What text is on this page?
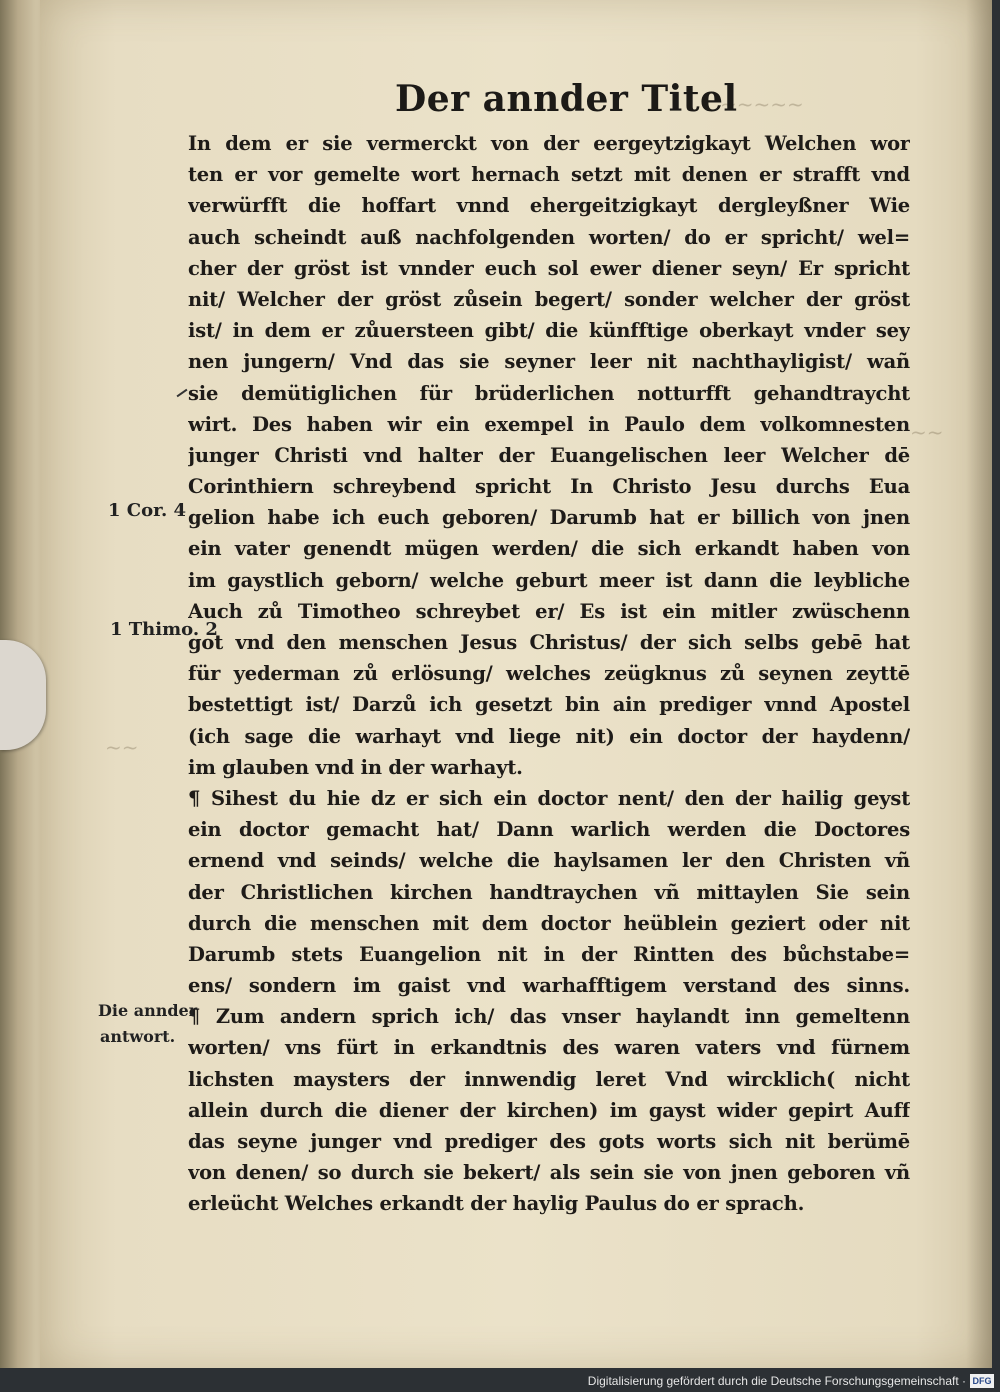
~~~~~
~~
~~
Der annder Titel
In dem er sie vermerckt von der eergeytzigkayt Welchen wor
ten er vor gemelte wort hernach setzt mit denen er strafft vnd
verwürfft die hoffart vnnd ehergeitzigkayt dergleyßner Wie
auch scheindt auß nachfolgenden worten/ do er spricht/ wel=
cher der gröst ist vnnder euch sol ewer diener seyn/ Er spricht
nit/ Welcher der gröst zůsein begert/ sonder welcher der gröst
ist/ in dem er zůuersteen gibt/ die künfftige oberkayt vnder sey
nen jungern/ Vnd das sie seyner leer nit nachthayligist/ wañ
sie demütiglichen für brüderlichen notturfft gehandtraycht
wirt. Des haben wir ein exempel in Paulo dem volkomnesten
junger Christi vnd halter der Euangelischen leer Welcher dē
Corinthiern schreybend spricht In Christo Jesu durchs Eua
gelion habe ich euch geboren/ Darumb hat er billich von jnen
ein vater genendt mügen werden/ die sich erkandt haben von
im gaystlich geborn/ welche geburt meer ist dann die leybliche
Auch zů Timotheo schreybet er/ Es ist ein mitler zwüschenn
got vnd den menschen Jesus Christus/ der sich selbs gebē hat
für yederman zů erlösung/ welches zeügknus zů seynen zeyttē
bestettigt ist/ Darzů ich gesetzt bin ain prediger vnnd Apostel
(ich sage die warhayt vnd liege nit) ein doctor der haydenn/
im glauben vnd in der warhayt.
¶ Sihest du hie dz er sich ein doctor nent/ den der hailig geyst
ein doctor gemacht hat/ Dann warlich werden die Doctores
ernend vnd seinds/ welche die haylsamen ler den Christen vñ
der Christlichen kirchen handtraychen vñ mittaylen Sie sein
durch die menschen mit dem doctor heüblein geziert oder nit
Darumb stets Euangelion nit in der Rintten des bůchstabe=
ens/ sondern im gaist vnd warhafftigem verstand des sinns.
¶ Zum andern sprich ich/ das vnser haylandt inn gemeltenn
worten/ vns fürt in erkandtnis des waren vaters vnd fürnem
lichsten maysters der innwendig leret Vnd wircklich( nicht
allein durch die diener der kirchen) im gayst wider gepirt Auff
das seyne junger vnd prediger des gots worts sich nit berümē
von denen/ so durch sie bekert/ als sein sie von jnen geboren vñ
erleücht Welches erkandt der haylig Paulus do er sprach.
1 Cor. 4
1 Thimo. 2
Die annder
antwort.
Digitalisierung gefördert durch die Deutsche Forschungsgemeinschaft · DFG
